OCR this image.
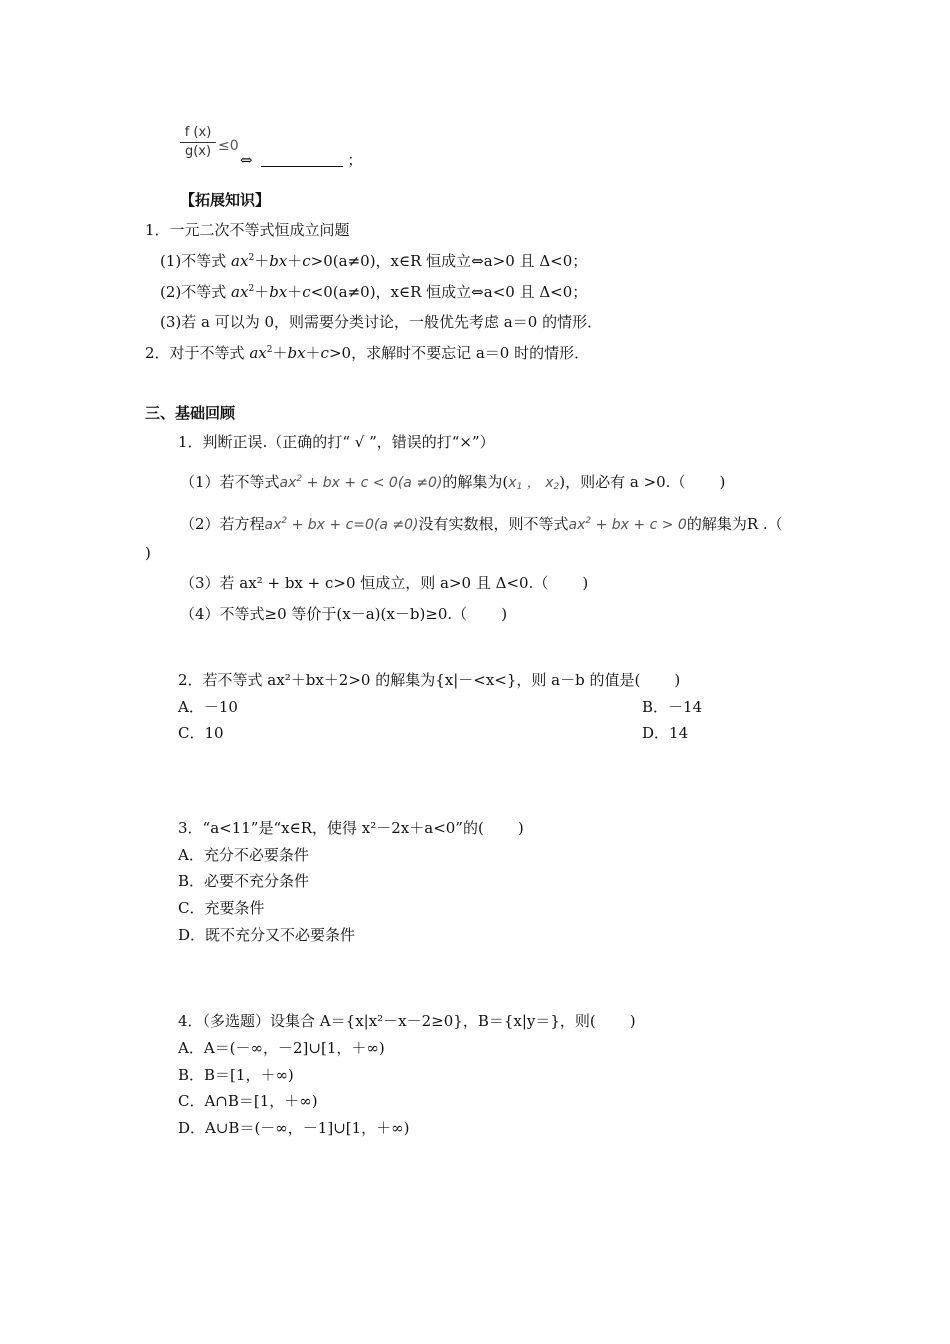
f (x)
g(x) ≤0
⇔	；
【拓展知识】
1．一元二次不等式恒成立问题
(1)不等式 $ax^2+bx+c>0(a\ne 0)$，x∈R 恒成立⇔a>0 且 Δ<0；
(2)不等式 $ax^2+bx+c<0(a\ne 0)$，x∈R 恒成立⇔a<0 且 Δ<0；
(3)若 a 可以为 0，则需要分类讨论，一般优先考虑 a＝0 的情形．
2．对于不等式 $ax^2+bx+c>0$，求解时不要忘记 a＝0 时的情形．
三、基础回顾
1．判断正误.（正确的打“ √ ”，错误的打“×”）
（1）若不等式$ax^2$ + bx + c < 0(a ≠0)的解集为($x_1$ ， $x_2$)，则必有 a >0.（ )
（2）若方程$ax^2$ + bx + c=0(a ≠0)没有实数根，则不等式$ax^2$ + bx + c > 0的解集为R .（
)
（3）若 ax² + bx + c>0 恒成立，则 a>0 且 Δ<0.（ )
（4）不等式≥0 等价于(x－a)(x－b)≥0.（ )
2．若不等式 ax²＋bx＋2>0 的解集为{x|－<x<}，则 a－b 的值是( )
A．－10	B．－14
C．10	D．14
3．“a<11”是“x∈R，使得 x²－2x＋a<0”的( )
A．充分不必要条件
B．必要不充分条件
C．充要条件
D．既不充分又不必要条件
4．（多选题）设集合 A＝{x|x²－x－2≥0}，B＝{x|y＝}，则( )
A．A＝(－∞，－2]∪[1，＋∞)
B．B＝[1，＋∞)
C．A∩B＝[1，＋∞)
D．A∪B＝(－∞，－1]∪[1，＋∞)
